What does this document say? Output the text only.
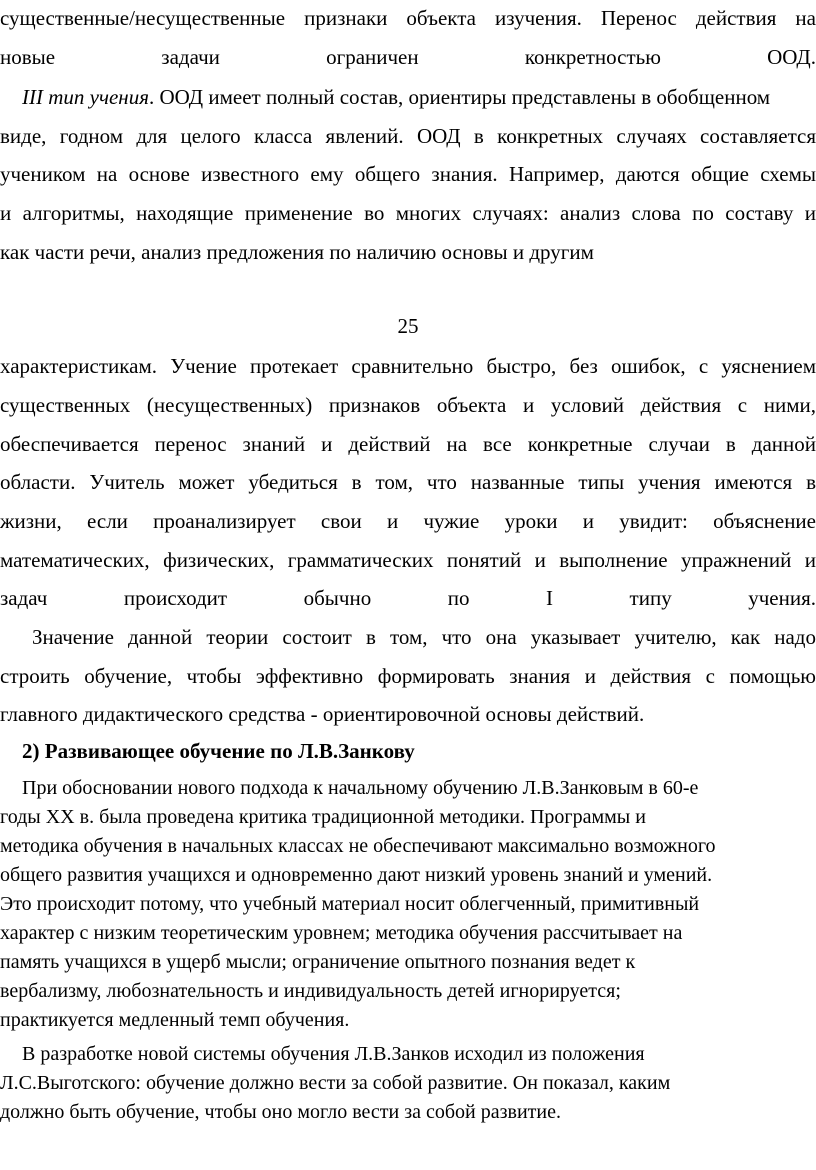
существенные/несущественные признаки объекта изучения. Перенос действия на
новые задачи ограничен конкретностью ООД.
III тип учения. ООД имеет полный состав, ориентиры представлены в обобщенном
виде, годном для целого класса явлений. ООД в конкретных случаях составляется
учеником на основе известного ему общего знания. Например, даются общие схемы
и алгоритмы, находящие применение во многих случаях: анализ слова по составу и
как части речи, анализ предложения по наличию основы и другим
25
характеристикам. Учение протекает сравнительно быстро, без ошибок, с уяснением
существенных (несущественных) признаков объекта и условий действия с ними,
обеспечивается перенос знаний и действий на все конкретные случаи в данной
области. Учитель может убедиться в том, что названные типы учения имеются в
жизни, если проанализирует свои и чужие уроки и увидит: объяснение
математических, физических, грамматических понятий и выполнение упражнений и
задач происходит обычно по I типу учения.
Значение данной теории состоит в том, что она указывает учителю, как надо
строить обучение, чтобы эффективно формировать знания и действия с помощью
главного дидактического средства - ориентировочной основы действий.
2) Развивающее обучение по Л.В.Занкову
При обосновании нового подхода к начальному обучению Л.В.Занковым в 60-е
годы XX в. была проведена критика традиционной методики. Программы и
методика обучения в начальных классах не обеспечивают максимально возможного
общего развития учащихся и одновременно дают низкий уровень знаний и умений.
Это происходит потому, что учебный материал носит облегченный, примитивный
характер с низким теоретическим уровнем; методика обучения рассчитывает на
память учащихся в ущерб мысли; ограничение опытного познания ведет к
вербализму, любознательность и индивидуальность детей игнорируется;
практикуется медленный темп обучения.
В разработке новой системы обучения Л.В.Занков исходил из положения
Л.С.Выготского: обучение должно вести за собой развитие. Он показал, каким
должно быть обучение, чтобы оно могло вести за собой развитие.
